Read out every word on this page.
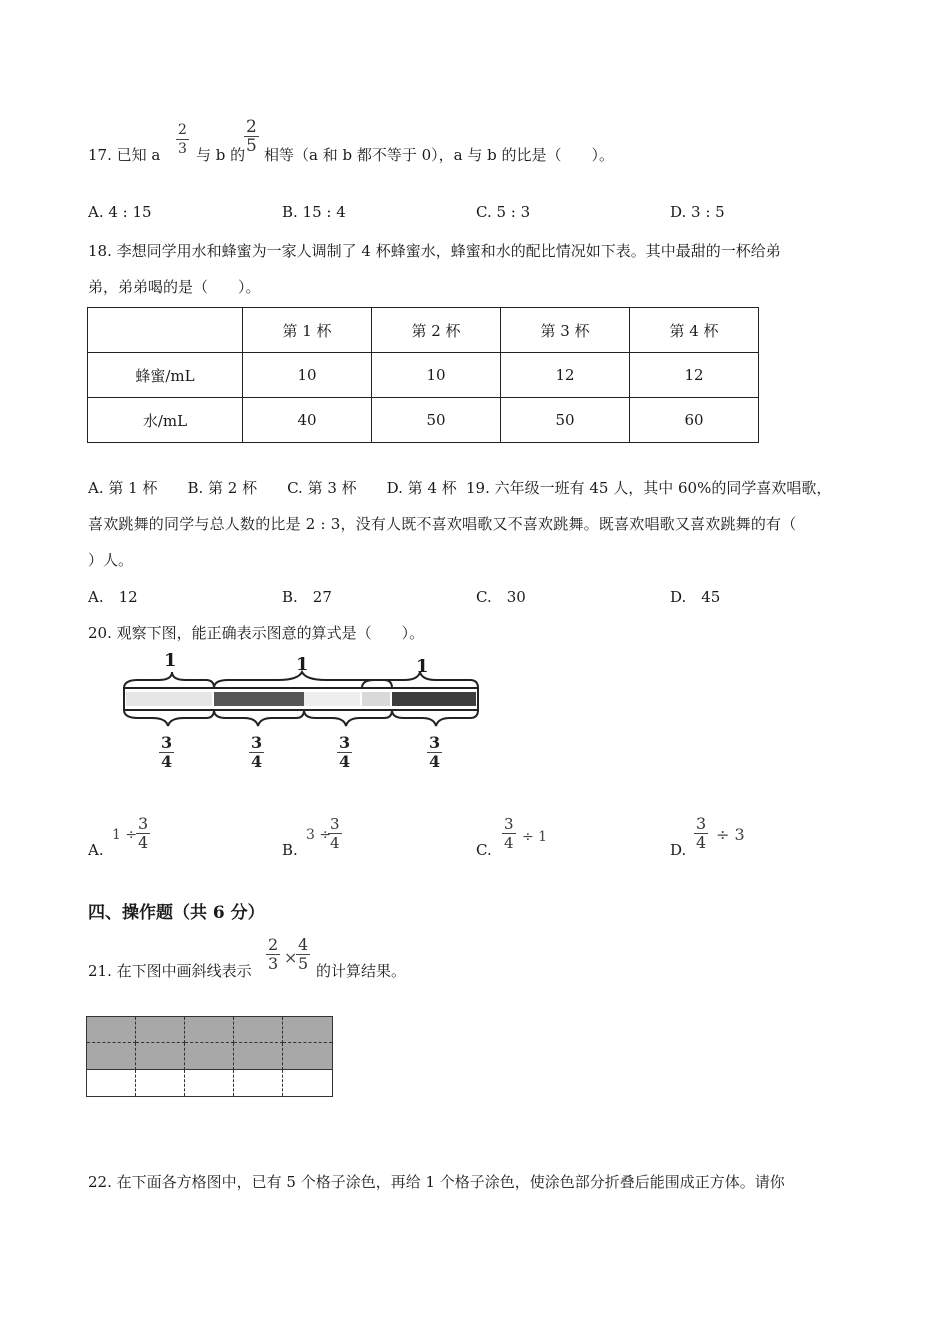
17. 已知 a $\frac{2}{3}$ 与 b 的
$\frac{2}{5}$ 相等（a 和 b 都不等于 0），a 与 b 的比是（　　）。
A. 4 : 15	B. 15 : 4	C. 5 : 3	D. 3 : 5
18. 李想同学用水和蜂蜜为一家人调制了 4 杯蜂蜜水，蜂蜜和水的配比情况如下表。其中最甜的一杯给弟
弟，弟弟喝的是（　　）。
	第 1 杯	第 2 杯	第 3 杯	第 4 杯
蜂蜜/mL	10	10	12	12
水/mL	40	50	50	60
A. 第 1 杯　　B. 第 2 杯　　C. 第 3 杯　　D. 第 4 杯 19. 六年级一班有 45 人，其中 60%的同学喜欢唱歌，
喜欢跳舞的同学与总人数的比是 2 : 3，没有人既不喜欢唱歌又不喜欢跳舞。既喜欢唱歌又喜欢跳舞的有（
）人。
A.　12	B.　27	C.　30	D.　45
20. 观察下图，能正确表示图意的算式是（　　）。
1	1	1
$\frac{3}{4}$	$\frac{3}{4}$	$\frac{3}{4}$	$\frac{3}{4}$
A.
1 ÷
$\frac{3}{4}$	B.
3 ÷
$\frac{3}{4}$	C. $\frac{3}{4} \div 1$
D. $\frac{3}{4} \div 3$
四、操作题（共 6 分）
21. 在下图中画斜线表示 $\frac{2}{3}$ ×
$\frac{4}{5}$ 的计算结果。
22. 在下面各方格图中，已有 5 个格子涂色，再给 1 个格子涂色，使涂色部分折叠后能围成正方体。请你
